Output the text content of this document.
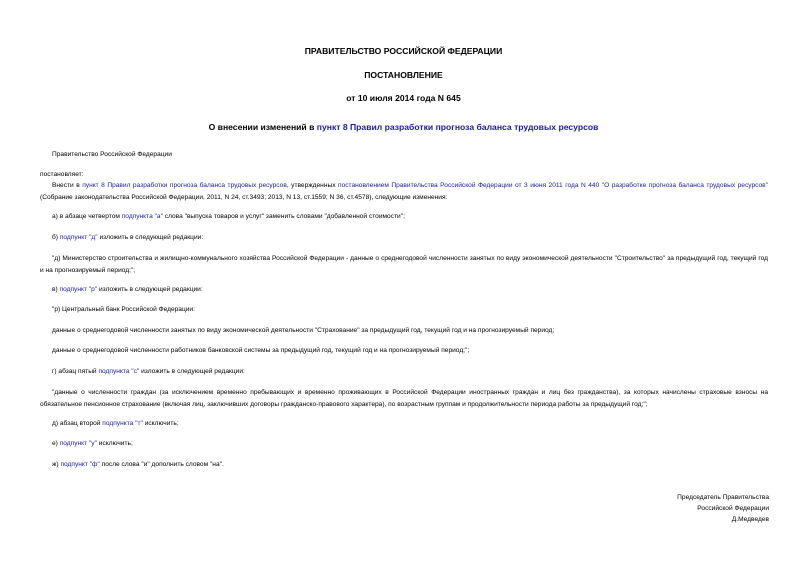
ПРАВИТЕЛЬСТВО РОССИЙСКОЙ ФЕДЕРАЦИИ
ПОСТАНОВЛЕНИЕ
от 10 июля 2014 года N 645
О внесении изменений в пункт 8 Правил разработки прогноза баланса трудовых ресурсов
Правительство Российской Федерации
постановляет:
Внести в пункт 8 Правил разработки прогноза баланса трудовых ресурсов, утвержденных постановлением Правительства Российской Федерации от 3 июня 2011 года N 440 "О разработке прогноза баланса трудовых ресурсов" (Собрание законодательства Российской Федерации, 2011, N 24, ст.3493; 2013, N 13, ст.1559; N 36, ст.4578), следующие изменения:
а) в абзаце четвертом подпункта "а" слова "выпуска товаров и услуг" заменить словами "добавленной стоимости";
б) подпункт "д" изложить в следующей редакции:
"д) Министерство строительства и жилищно-коммунального хозяйства Российской Федерации - данные о среднегодовой численности занятых по виду экономической деятельности "Строительство" за предыдущий год, текущий год и на прогнозируемый период;";
в) подпункт "р" изложить в следующей редакции:
"р) Центральный банк Российской Федерации:
данные о среднегодовой численности занятых по виду экономической деятельности "Страхование" за предыдущий год, текущий год и на прогнозируемый период;
данные о среднегодовой численности работников банковской системы за предыдущий год, текущий год и на прогнозируемый период;";
г) абзац пятый подпункта "с" изложить в следующей редакции:
"данные о численности граждан (за исключением временно пребывающих и временно проживающих в Российской Федерации иностранных граждан и лиц без гражданства), за которых начислены страховые взносы на обязательное пенсионное страхование (включая лиц, заключивших договоры гражданско-правового характера), по возрастным группам и продолжительности периода работы за предыдущий год;";
д) абзац второй подпункта "т" исключить;
е) подпункт "у" исключить;
ж) подпункт "ф" после слова "и" дополнить словом "на".
Председатель Правительства
Российской Федерации
Д.Медведев
